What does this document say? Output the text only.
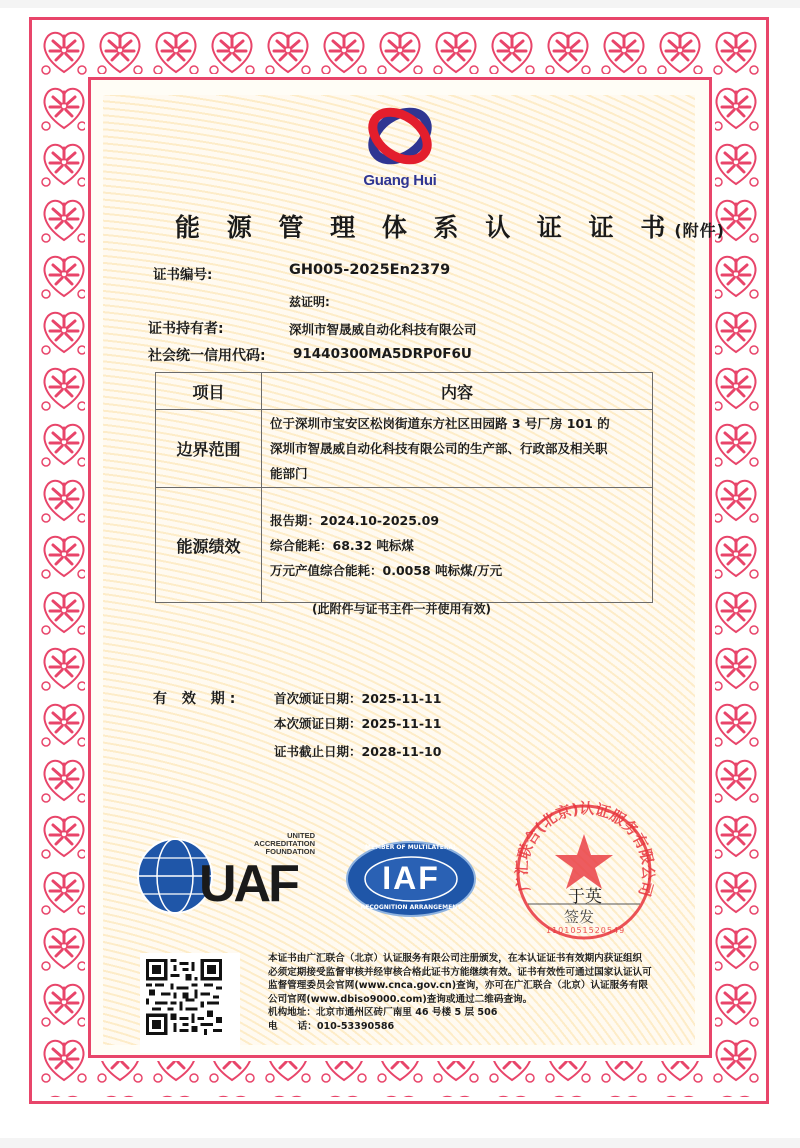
Guang Hui
能 源 管 理 体 系 认 证 证 书(附件)
证书编号:	GH005-2025En2379
兹证明:
证书持有者:	深圳市智晟威自动化科技有限公司
社会统一信用代码: 91440300MA5DRP0F6U
项目	内容
边界范围	位于深圳市宝安区松岗街道东方社区田园路 3 号厂房 101 的
深圳市智晟威自动化科技有限公司的生产部、行政部及相关职
能部门

能源绩效	报告期：2024.10-2025.09
综合能耗：68.32 吨标煤
万元产值综合能耗：0.0058 吨标煤/万元
(此附件与证书主件一并使用有效)
有 效 期:	首次颁证日期：2025-11-11
本次颁证日期：2025-11-11
证书截止日期：2028-11-10
UNITED
ACCREDITATION
FOUNDATION
UAF	IAF
MEMBER OF MULTILATERAL
RECOGNITION ARRANGEMENT
广汇联合(北京)认证服务有限公司
于英
签发
1101051520549
本证书由广汇联合（北京）认证服务有限公司注册颁发，在本认证证书有效期内获证组织
必须定期接受监督审核并经审核合格此证书方能继续有效。证书有效性可通过国家认证认可
监督管理委员会官网(www.cnca.gov.cn)查询，亦可在广汇联合（北京）认证服务有限
公司官网(www.dbiso9000.com)查询或通过二维码查询。
机构地址：北京市通州区砖厂南里 46 号楼 5 层 506
电      话：010-53390586
